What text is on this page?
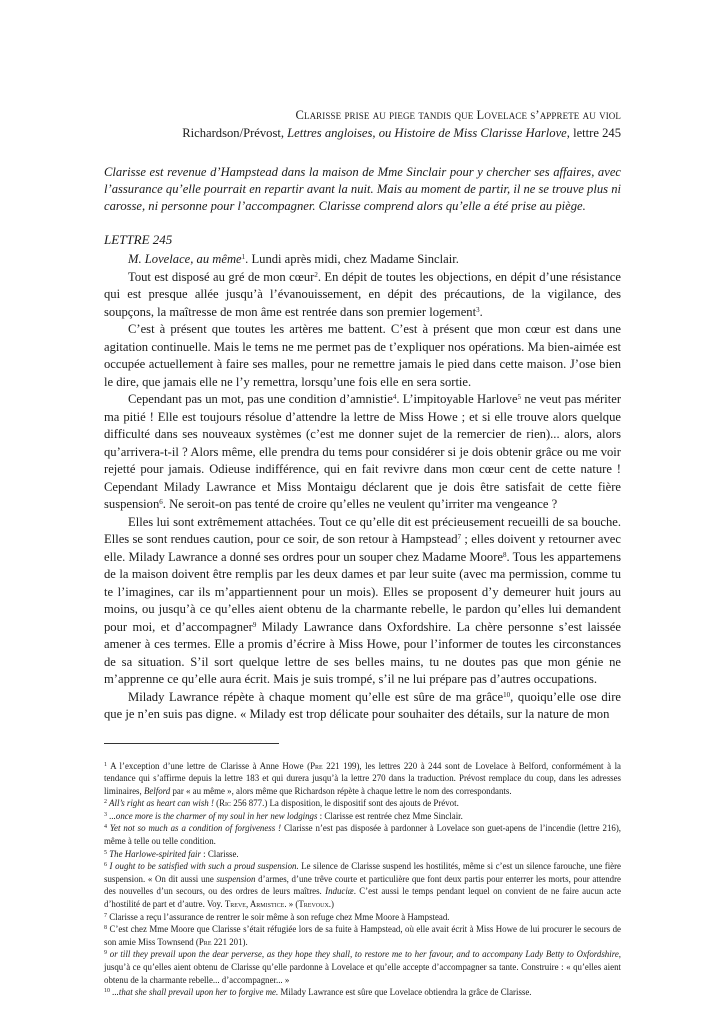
Clarisse prise au piege tandis que Lovelace s’apprete au viol
Richardson/Prévost, Lettres angloises, ou Histoire de Miss Clarisse Harlove, lettre 245
Clarisse est revenue d’Hampstead dans la maison de Mme Sinclair pour y chercher ses affaires, avec l’assurance qu’elle pourrait en repartir avant la nuit. Mais au moment de partir, il ne se trouve plus ni carosse, ni personne pour l’accompagner. Clarisse comprend alors qu’elle a été prise au piège.
LETTRE 245

M. Lovelace, au même$^1$. Lundi après midi, chez Madame Sinclair.

Tout est disposé au gré de mon cœur$^2$. En dépit de toutes les objections, en dépit d’une résistance qui est presque allée jusqu’à l’évanouissement, en dépit des précautions, de la vigilance, des soupçons, la maîtresse de mon âme est rentrée dans son premier logement$^3$.

C’est à présent que toutes les artères me battent. C’est à présent que mon cœur est dans une agitation continuelle. Mais le tems ne me permet pas de t’expliquer nos opérations. Ma bien-aimée est occupée actuellement à faire ses malles, pour ne remettre jamais le pied dans cette maison. J’ose bien le dire, que jamais elle ne l’y remettra, lorsqu’une fois elle en sera sortie.

Cependant pas un mot, pas une condition d’amnistie$^4$. L’impitoyable Harlove$^5$ ne veut pas mériter ma pitié ! Elle est toujours résolue d’attendre la lettre de Miss Howe ; et si elle trouve alors quelque difficulté dans ses nouveaux systèmes (c’est me donner sujet de la remercier de rien)... alors, alors qu’arrivera-t-il ? Alors même, elle prendra du tems pour considérer si je dois obtenir grâce ou me voir rejetté pour jamais. Odieuse indifférence, qui en fait revivre dans mon cœur cent de cette nature ! Cependant Milady Lawrance et Miss Montaigu déclarent que je dois être satisfait de cette fière suspension$^6$. Ne seroit-on pas tenté de croire qu’elles ne veulent qu’irriter ma vengeance ?

Elles lui sont extrêmement attachées. Tout ce qu’elle dit est précieusement recueilli de sa bouche. Elles se sont rendues caution, pour ce soir, de son retour à Hampstead$^7$ ; elles doivent y retourner avec elle. Milady Lawrance a donné ses ordres pour un souper chez Madame Moore$^8$. Tous les appartemens de la maison doivent être remplis par les deux dames et par leur suite (avec ma permission, comme tu te l’imagines, car ils m’appartiennent pour un mois). Elles se proposent d’y demeurer huit jours au moins, ou jusqu’à ce qu’elles aient obtenu de la charmante rebelle, le pardon qu’elles lui demandent pour moi, et d’accompagner$^9$ Milady Lawrance dans Oxfordshire. La chère personne s’est laissée amener à ces termes. Elle a promis d’écrire à Miss Howe, pour l’informer de toutes les circonstances de sa situation. S’il sort quelque lettre de ses belles mains, tu ne doutes pas que mon génie ne m’apprenne ce qu’elle aura écrit. Mais je suis trompé, s’il ne lui prépare pas d’autres occupations.

Milady Lawrance répète à chaque moment qu’elle est sûre de ma grâce$^{10}$, quoiqu’elle ose dire que je n’en suis pas digne. « Milady est trop délicate pour souhaiter des détails, sur la nature de mon

$^1$ A l’exception d’une lettre de Clarisse à Anne Howe (Pre 221 199), les lettres 220 à 244 sont de Lovelace à Belford, conformément à la tendance qui s’affirme depuis la lettre 183 et qui durera jusqu’à la lettre 270 dans la traduction. Prévost remplace du coup, dans les adresses liminaires, Belford par « au même », alors même que Richardson répète à chaque lettre le nom des correspondants.
$^2$ All’s right as heart can wish ! (Ric 256 877.) La disposition, le dispositif sont des ajouts de Prévot.
$^3$ ...once more is the charmer of my soul in her new lodgings : Clarisse est rentrée chez Mme Sinclair.
$^4$ Yet not so much as a condition of forgiveness ! Clarisse n’est pas disposée à pardonner à Lovelace son guet-apens de l’incendie (lettre 216), même à telle ou telle condition.
$^5$ The Harlowe-spirited fair : Clarisse.
$^6$ I ought to be satisfied with such a proud suspension. Le silence de Clarisse suspend les hostilités, même si c’est un silence farouche, une fière suspension. « On dit aussi une suspension d’armes, d’une trêve courte et particulière que font deux partis pour enterrer les morts, pour attendre des nouvelles d’un secours, ou des ordres de leurs maîtres. Induciæ. C’est aussi le temps pendant lequel on convient de ne faire aucun acte d’hostilité de part et d’autre. Voy. Treve, Armistice. » (Trevoux.)
$^7$ Clarisse a reçu l’assurance de rentrer le soir même à son refuge chez Mme Moore à Hampstead.
$^8$ C’est chez Mme Moore que Clarisse s’était réfugiée lors de sa fuite à Hampstead, où elle avait écrit à Miss Howe de lui procurer le secours de son amie Miss Townsend (Pre 221 201).
$^9$ or till they prevail upon the dear perverse, as they hope they shall, to restore me to her favour, and to accompany Lady Betty to Oxfordshire, jusqu’à ce qu’elles aient obtenu de Clarisse qu’elle pardonne à Lovelace et qu’elle accepte d’accompagner sa tante. Construire : « qu’elles aient obtenu de la charmante rebelle... d’accompagner... »
$^{10}$ ...that she shall prevail upon her to forgive me. Milady Lawrance est sûre que Lovelace obtiendra la grâce de Clarisse.
